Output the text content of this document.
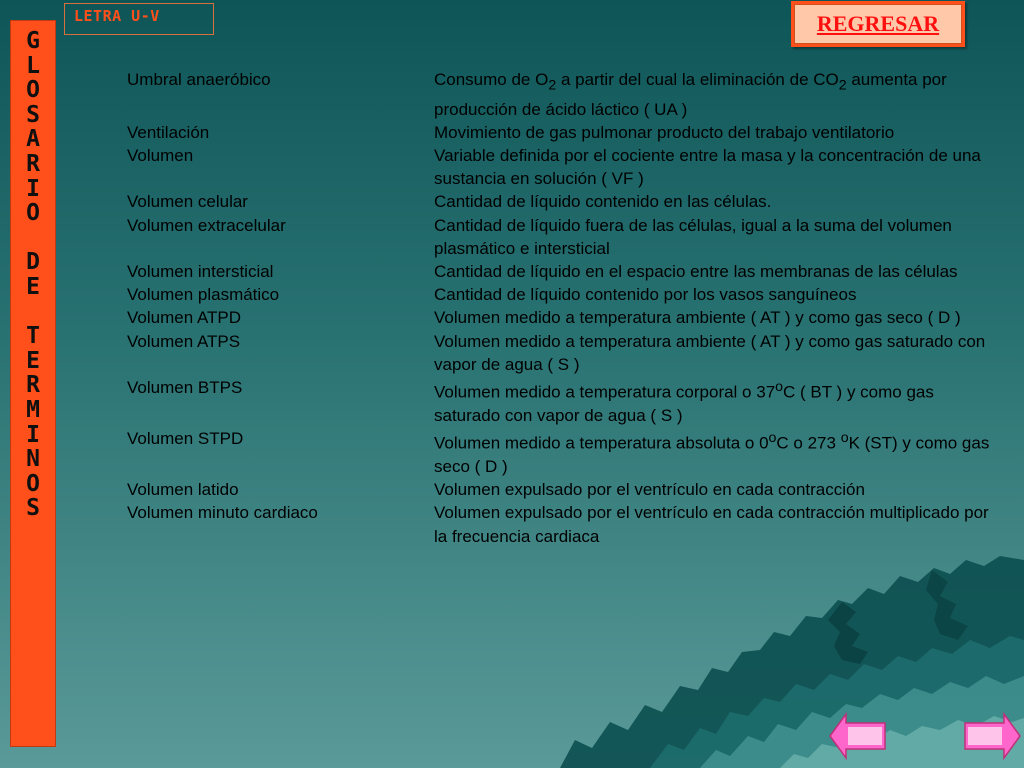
LETRA U-V	REGRESAR
G
L
O
S
A
R
I
O
D
E
T
E
R
M
I
N
O
S
Umbral anaeróbico	Consumo de $O_2$ a partir del cual la eliminación de $CO_2$ aumenta por producción de ácido láctico ( UA )
Ventilación	Movimiento de gas pulmonar producto del trabajo ventilatorio
Volumen	Variable definida por el cociente entre la masa y la concentración de una sustancia en solución ( VF )
Volumen celular	Cantidad de líquido contenido en las células.
Volumen extracelular	Cantidad de líquido fuera de las células, igual a la suma del volumen plasmático e intersticial
Volumen intersticial	Cantidad de líquido en el espacio entre las membranas de las células
Volumen plasmático	Cantidad de líquido contenido por los vasos sanguíneos
Volumen ATPD	Volumen medido a temperatura ambiente ( AT ) y como gas seco ( D )
Volumen ATPS	Volumen medido a temperatura ambiente ( AT ) y como gas saturado con vapor de agua ( S )
Volumen BTPS	Volumen medido a temperatura corporal o 37$^o$C ( BT ) y como gas saturado con vapor de agua ( S )
Volumen STPD	Volumen medido a temperatura absoluta o 0$^o$C o 273 $^o$K (ST) y como gas seco ( D )
Volumen latido	Volumen expulsado por el ventrículo en cada contracción
Volumen minuto cardiaco	Volumen expulsado por el ventrículo en cada contracción multiplicado por la frecuencia cardiaca
